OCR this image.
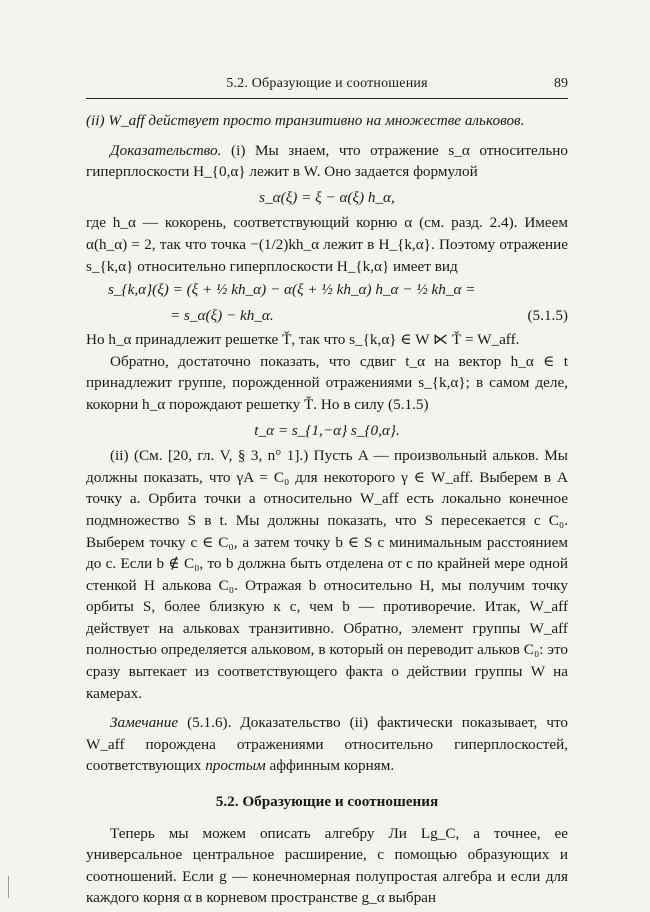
5.2. Образующие и соотношения	89

(ii) W_aff действует просто транзитивно на множестве альковов.

Доказательство. (i) Мы знаем, что отражение s_α относительно гиперплоскости H_{0,α} лежит в W. Оно задается формулой

s_α(ξ) = ξ − α(ξ) h_α,

где h_α — кокорень, соответствующий корню α (см. разд. 2.4). Имеем α(h_α) = 2, так что точка −(1/2)kh_α лежит в H_{k,α}. Поэтому отражение s_{k,α} относительно гиперплоскости H_{k,α} имеет вид

s_{k,α}(ξ) = (ξ + ½ kh_α) − α(ξ + ½ kh_α) h_α − ½ kh_α =
= s_α(ξ) − kh_α.	(5.1.5)

Но h_α принадлежит решетке Ť, так что s_{k,α} ∈ W ⋉ Ť = W_aff.

Обратно, достаточно показать, что сдвиг t_α на вектор h_α ∈ t принадлежит группе, порожденной отражениями s_{k,α}; в самом деле, кокорни h_α порождают решетку Ť. Но в силу (5.1.5)

t_α = s_{1,−α} s_{0,α}.

(ii) (См. [20, гл. V, § 3, n° 1].) Пусть A — произвольный альков. Мы должны показать, что γA = C₀ для некоторого γ ∈ W_aff. Выберем в A точку a. Орбита точки a относительно W_aff есть локально конечное подмножество S в t. Мы должны показать, что S пересекается с C₀. Выберем точку c ∈ C₀, а затем точку b ∈ S с минимальным расстоянием до c. Если b ∉ C₀, то b должна быть отделена от c по крайней мере одной стенкой H алькова C₀. Отражая b относительно H, мы получим точку орбиты S, более близкую к c, чем b — противоречие. Итак, W_aff действует на альковах транзитивно. Обратно, элемент группы W_aff полностью определяется альковом, в который он переводит альков C₀: это сразу вытекает из соответствующего факта о действии группы W на камерах.

Замечание (5.1.6). Доказательство (ii) фактически показывает, что W_aff порождена отражениями относительно гиперплоскостей, соответствующих простым аффинным корням.

5.2. Образующие и соотношения

Теперь мы можем описать алгебру Ли Lg_C, а точнее, ее универсальное центральное расширение, с помощью образующих и соотношений. Если g — конечномерная полупростая алгебра и если для каждого корня α в корневом пространстве g_α выбран
